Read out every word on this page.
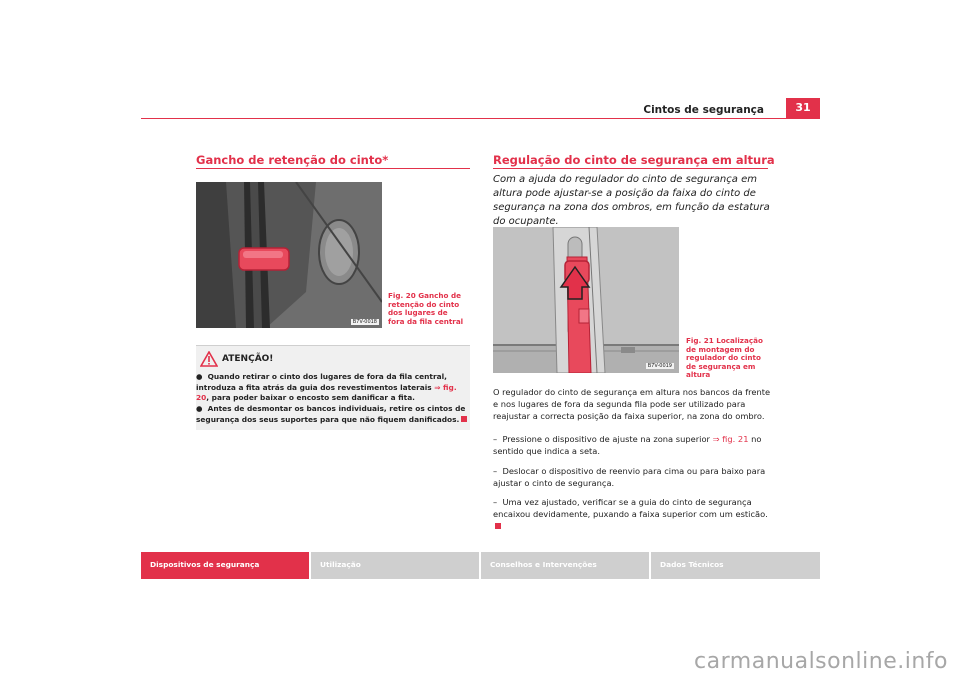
Cintos de segurança	31
Gancho de retenção do cinto*
B7V-0018
Fig. 20 Gancho de retenção do cinto dos lugares de fora da fila central
ATENÇÃO!
● Quando retirar o cinto dos lugares de fora da fila central, introduza a fita atrás da guia dos revestimentos laterais ⇒ fig. 20, para poder baixar o encosto sem danificar a fita.
● Antes de desmontar os bancos individuais, retire os cintos de segurança dos seus suportes para que não fiquem danificados.
Regulação do cinto de segurança em altura
Com a ajuda do regulador do cinto de segurança em altura pode ajustar-se a posição da faixa do cinto de segurança na zona dos ombros, em função da estatura do ocupante.
B7V-0019
Fig. 21 Localização de montagem do regulador do cinto de segurança em altura
O regulador do cinto de segurança em altura nos bancos da frente e nos lugares de fora da segunda fila pode ser utilizado para reajustar a correcta posição da faixa superior, na zona do ombro.
–  Pressione o dispositivo de ajuste na zona superior ⇒ fig. 21 no sentido que indica a seta.
–  Deslocar o dispositivo de reenvio para cima ou para baixo para ajustar o cinto de segurança.
–  Uma vez ajustado, verificar se a guia do cinto de segurança encaixou devidamente, puxando a faixa superior com um esticão.
Dispositivos de segurança	Utilização	Conselhos e Intervenções	Dados Técnicos
carmanualsonline.info
